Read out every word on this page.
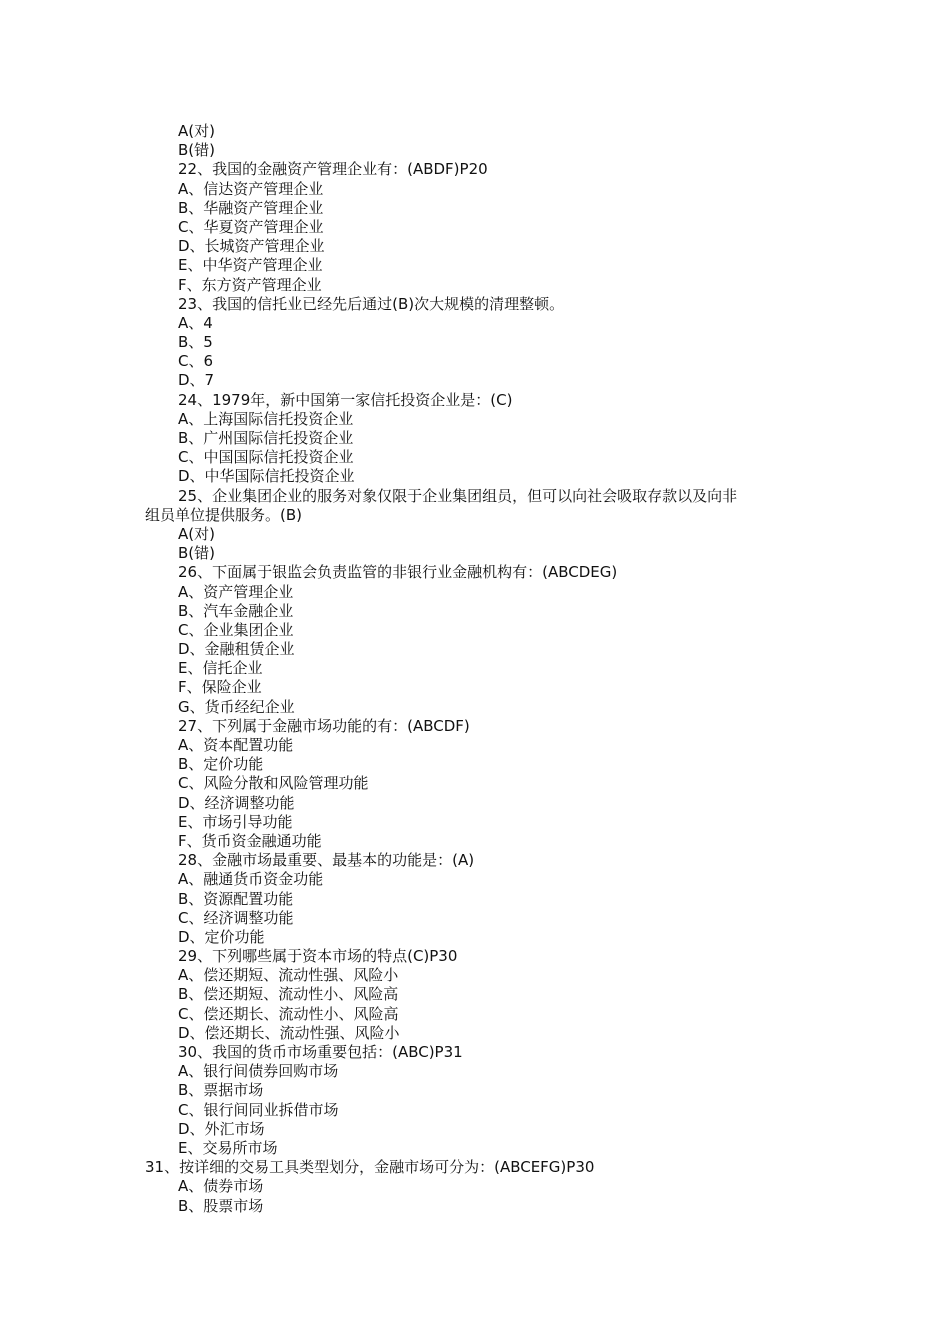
A(对)
B(错)
22、我国的金融资产管理企业有：(ABDF)P20
A、信达资产管理企业
B、华融资产管理企业
C、华夏资产管理企业
D、长城资产管理企业
E、中华资产管理企业
F、东方资产管理企业
23、我国的信托业已经先后通过(B)次大规模的清理整顿。
A、4
B、5
C、6
D、7
24、1979年，新中国第一家信托投资企业是：(C)
A、上海国际信托投资企业
B、广州国际信托投资企业
C、中国国际信托投资企业
D、中华国际信托投资企业
25、企业集团企业的服务对象仅限于企业集团组员，但可以向社会吸取存款以及向非
组员单位提供服务。(B)
A(对)
B(错)
26、下面属于银监会负责监管的非银行业金融机构有：(ABCDEG)
A、资产管理企业
B、汽车金融企业
C、企业集团企业
D、金融租赁企业
E、信托企业
F、保险企业
G、货币经纪企业
27、下列属于金融市场功能的有：(ABCDF)
A、资本配置功能
B、定价功能
C、风险分散和风险管理功能
D、经济调整功能
E、市场引导功能
F、货币资金融通功能
28、金融市场最重要、最基本的功能是：(A)
A、融通货币资金功能
B、资源配置功能
C、经济调整功能
D、定价功能
29、下列哪些属于资本市场的特点(C)P30
A、偿还期短、流动性强、风险小
B、偿还期短、流动性小、风险高
C、偿还期长、流动性小、风险高
D、偿还期长、流动性强、风险小
30、我国的货币市场重要包括：(ABC)P31
A、银行间债券回购市场
B、票据市场
C、银行间同业拆借市场
D、外汇市场
E、交易所市场
31、按详细的交易工具类型划分，金融市场可分为：(ABCEFG)P30
A、债券市场
B、股票市场
